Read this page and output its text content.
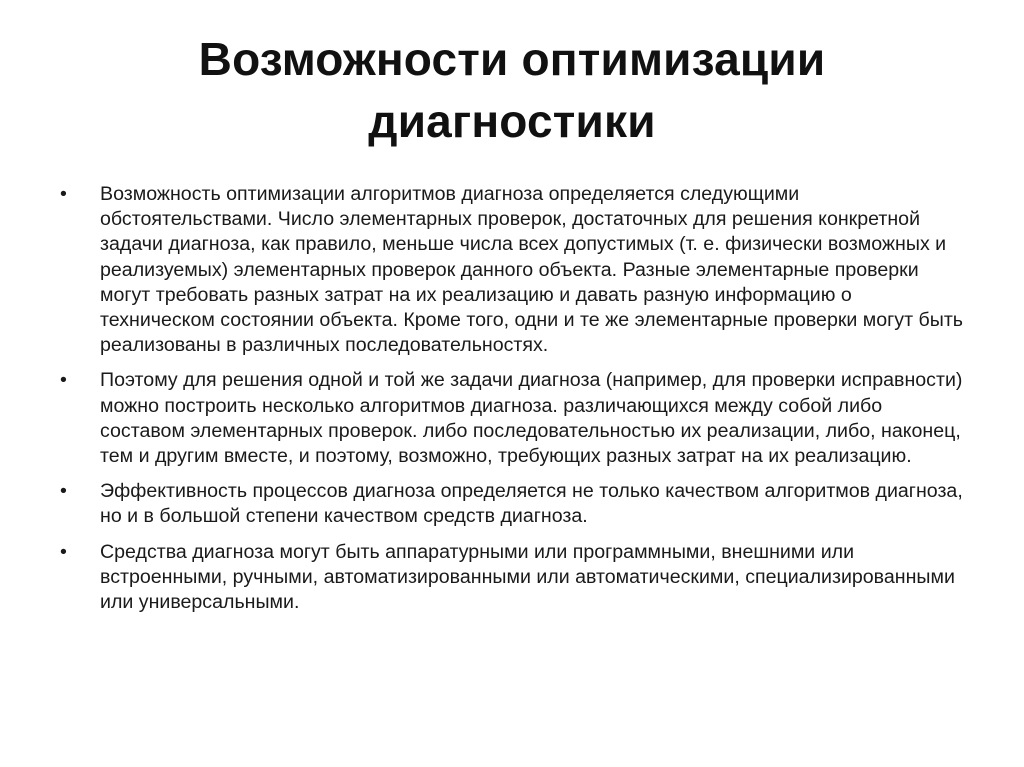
Возможности оптимизации
диагностики
•	Возможность оптимизации алгоритмов диагноза определяется следующими обстоятельствами. Число элементарных проверок, достаточных для решения конкретной задачи диагноза, как правило, меньше числа всех допустимых (т. е. физически возможных и реализуемых) элементарных проверок данного объекта. Разные элементарные проверки могут требовать разных затрат на их реализацию и давать разную информацию о техническом состоянии объекта. Кроме того, одни и те же элементарные проверки могут быть реализованы в различных последовательностях.
•	Поэтому для решения одной и той же задачи диагноза (например, для проверки исправности) можно построить несколько алгоритмов диагноза. различающихся между собой либо составом элементарных проверок. либо последовательностью их реализации, либо, наконец, тем и другим вместе, и поэтому, возможно, требующих разных затрат на их реализацию.
•	Эффективность процессов диагноза определяется не только качеством алгоритмов диагноза, но и в большой степени качеством средств диагноза.
•	Средства диагноза могут быть аппаратурными или программными, внешними или встроенными, ручными, автоматизированными или автоматическими, специализированными или универсальными.
